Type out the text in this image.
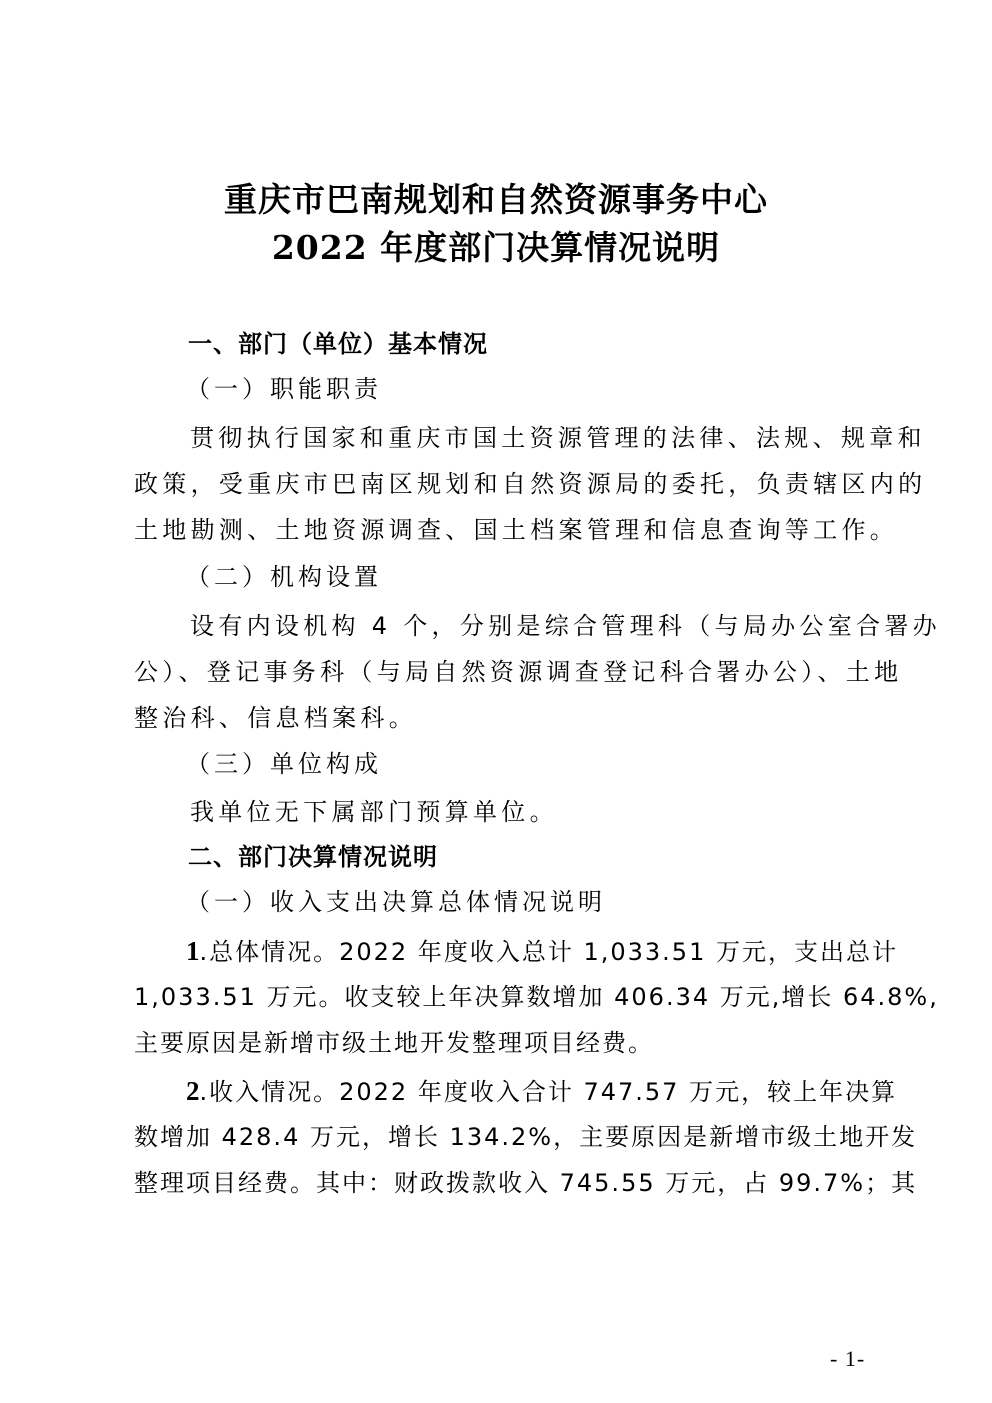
重庆市巴南规划和自然资源事务中心
2022 年度部门决算情况说明
一、部门（单位）基本情况
（一）职能职责
贯彻执行国家和重庆市国土资源管理的法律、法规、规章和
政策，受重庆市巴南区规划和自然资源局的委托，负责辖区内的
土地勘测、土地资源调查、国土档案管理和信息查询等工作。
（二）机构设置
设有内设机构 4 个，分别是综合管理科（与局办公室合署办
公）、登记事务科（与局自然资源调查登记科合署办公）、土地
整治科、信息档案科。
（三）单位构成
我单位无下属部门预算单位。
二、部门决算情况说明
（一）收入支出决算总体情况说明
1.总体情况。2022 年度收入总计 1,033.51 万元，支出总计
1,033.51 万元。收支较上年决算数增加 406.34 万元,增长 64.8%,
主要原因是新增市级土地开发整理项目经费。
2.收入情况。2022 年度收入合计 747.57 万元，较上年决算
数增加 428.4 万元，增长 134.2%，主要原因是新增市级土地开发
整理项目经费。其中：财政拨款收入 745.55 万元，占 99.7%；其
- 1-
